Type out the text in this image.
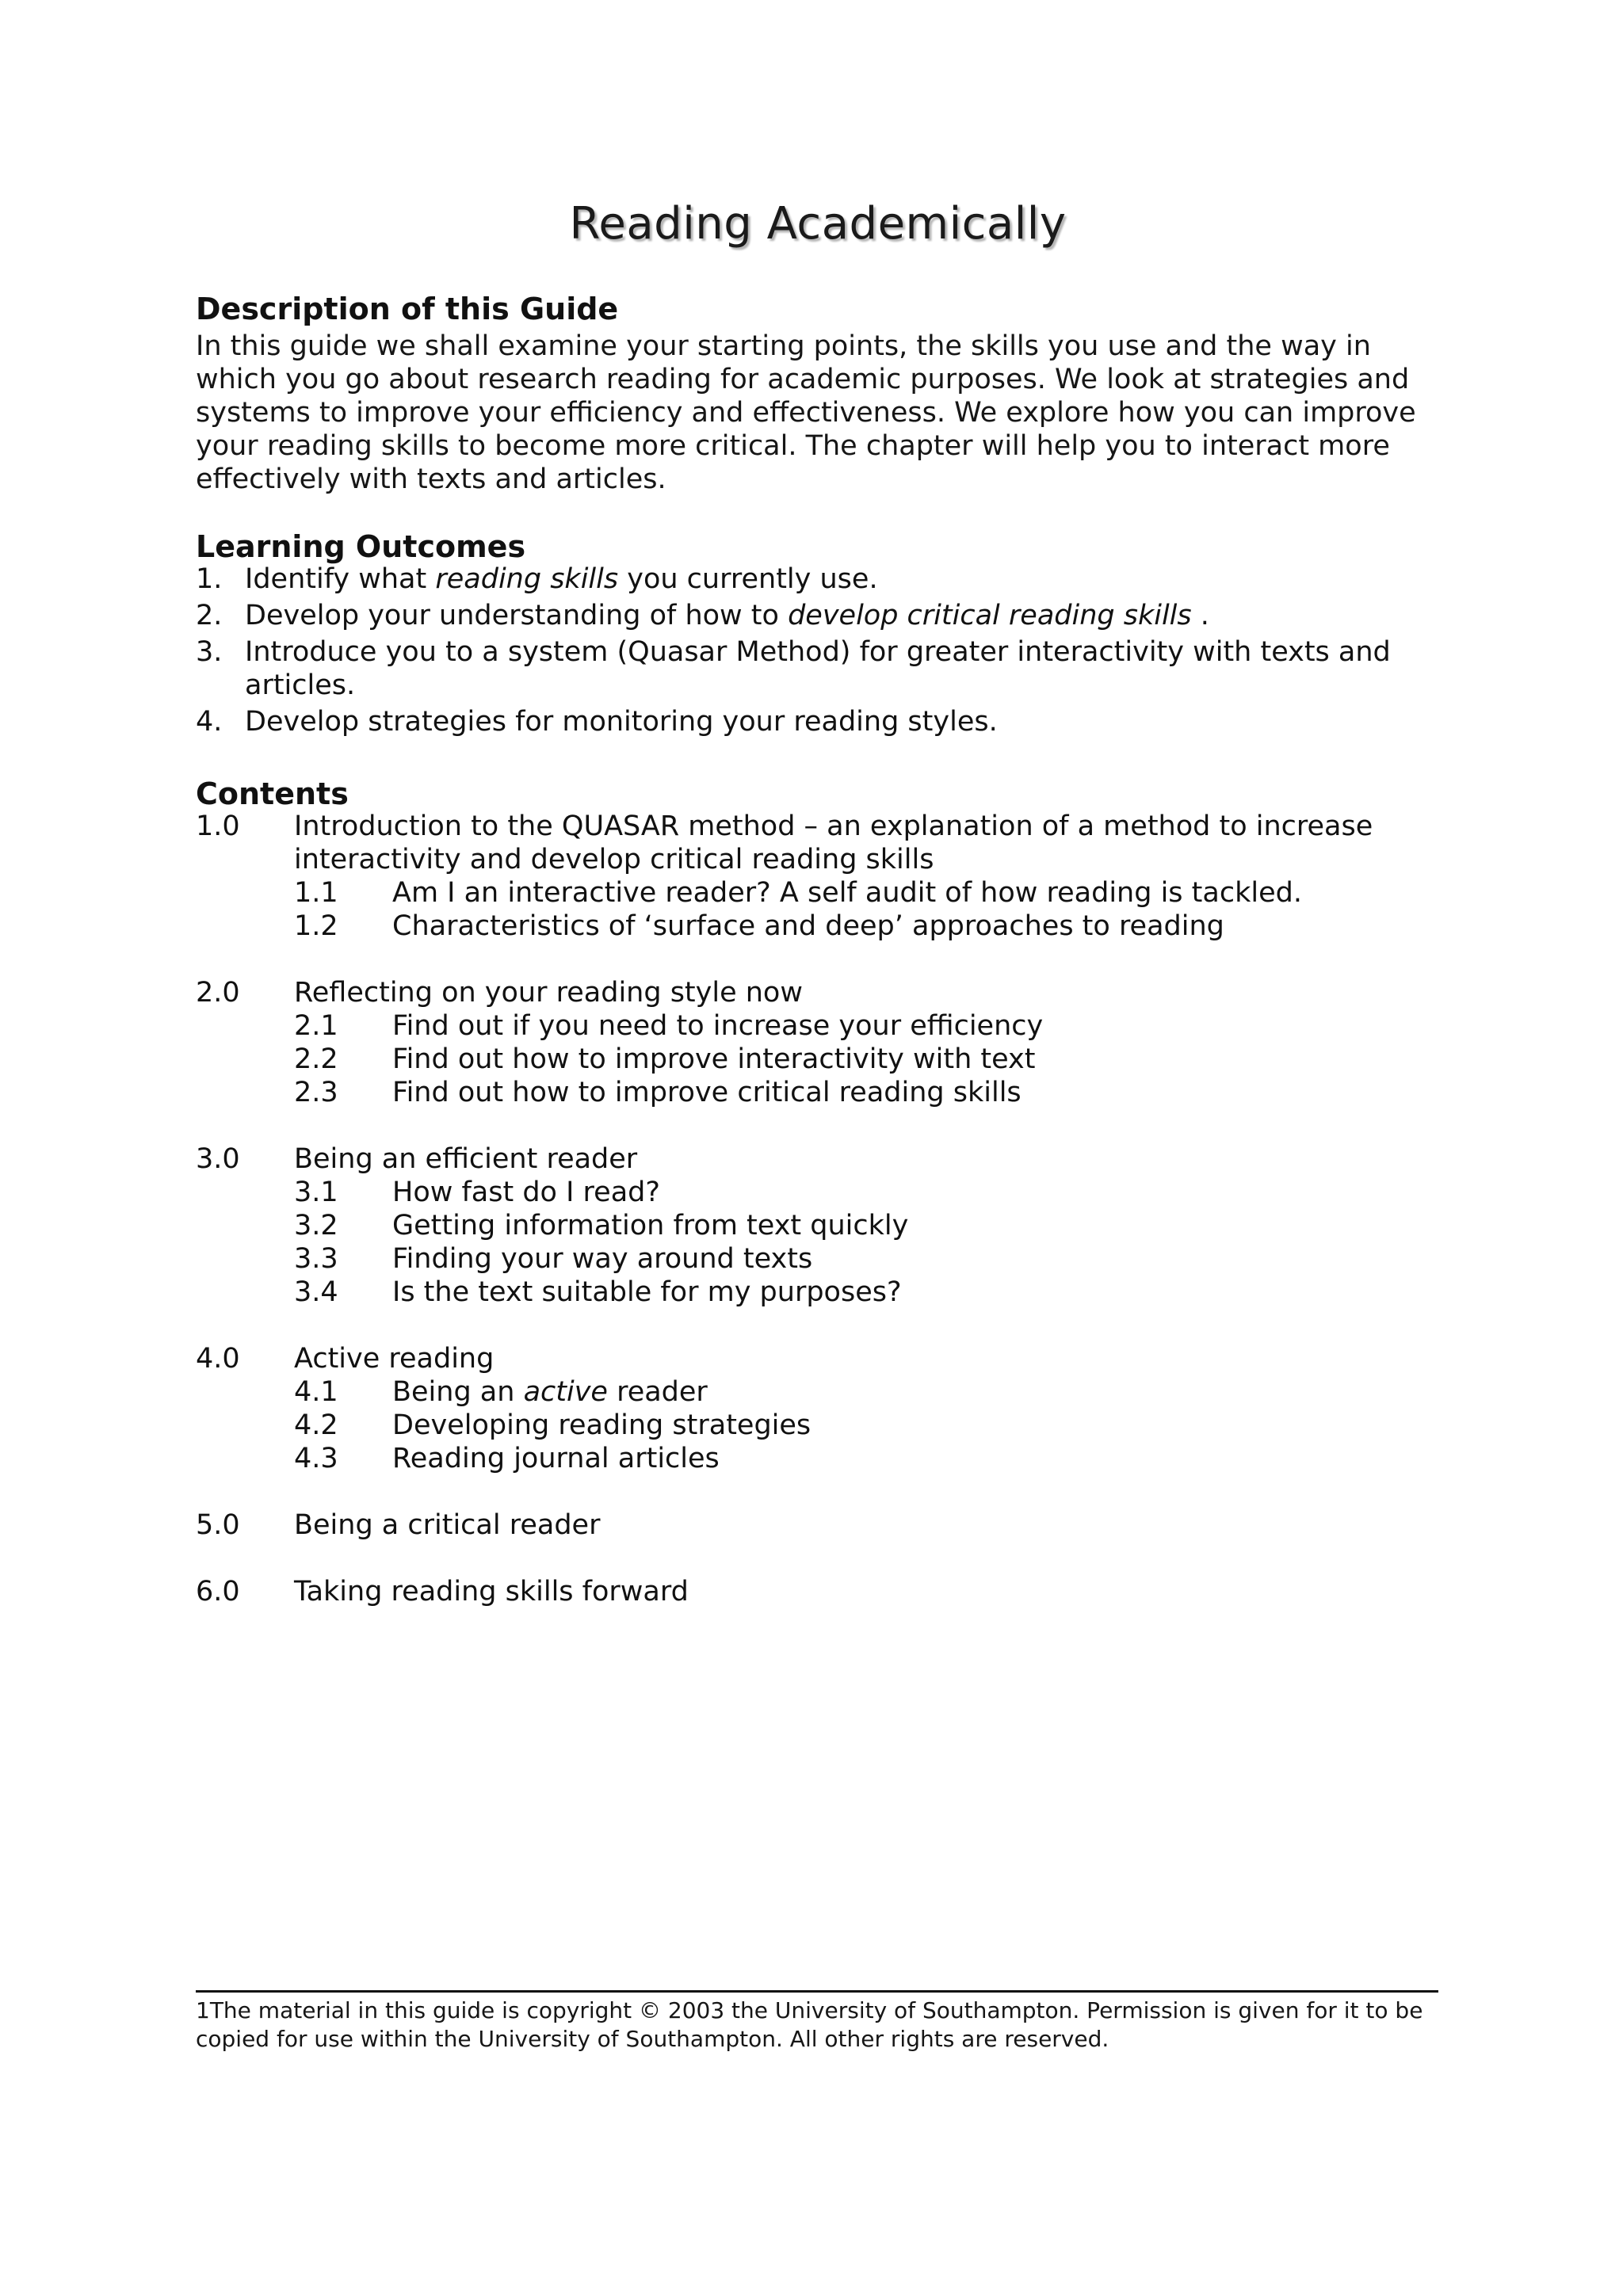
Reading Academically
Description of this Guide

In this guide we shall examine your starting points, the skills you use and the way in which you go about research reading for academic purposes. We look at strategies and systems to improve your efficiency and effectiveness. We explore how you can improve your reading skills to become more critical. The chapter will help you to interact more effectively with texts and articles.

Learning Outcomes
1. Identify what reading skills you currently use.
2. Develop your understanding of how to develop critical reading skills .
3. Introduce you to a system (Quasar Method) for greater interactivity with texts and articles.
4. Develop strategies for monitoring your reading styles.
Contents
1.0 Introduction to the QUASAR method – an explanation of a method to increase interactivity and develop critical reading skills
1.1 Am I an interactive reader? A self audit of how reading is tackled.
1.2 Characteristics of ‘surface and deep’ approaches to reading
2.0 Reflecting on your reading style now
2.1 Find out if you need to increase your efficiency
2.2 Find out how to improve interactivity with text
2.3 Find out how to improve critical reading skills
3.0 Being an efficient reader
3.1 How fast do I read?
3.2 Getting information from text quickly
3.3 Finding your way around texts
3.4 Is the text suitable for my purposes?
4.0 Active reading
4.1 Being an active reader
4.2 Developing reading strategies
4.3 Reading journal articles
5.0 Being a critical reader
6.0 Taking reading skills forward

1The material in this guide is copyright © 2003 the University of Southampton. Permission is given for it to be copied for use within the University of Southampton. All other rights are reserved.
